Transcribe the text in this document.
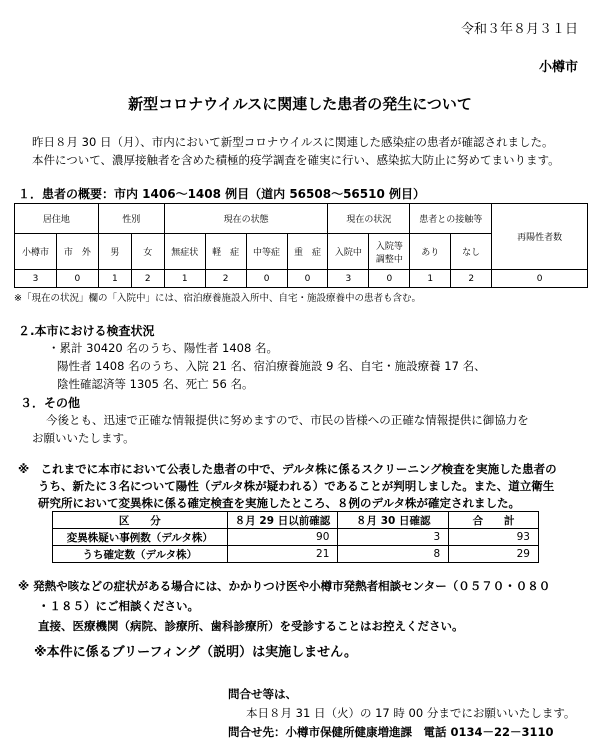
令和３年８月３１日
小樽市
新型コロナウイルスに関連した患者の発生について
昨日８月 30 日（月）、市内において新型コロナウイルスに関連した感染症の患者が確認されました。
本件について、濃厚接触者を含めた積極的疫学調査を確実に行い、感染拡大防止に努めてまいります。
１．患者の概要：市内 1406～1408 例目（道内 56508～56510 例目）
居住地		性別		現在の状態				現在の状況		患者との接触等		再陽性者数
小樽市	市　外	男	女	無症状	軽　症	中等症	重　症	入院中	入院等
調整中	あり	なし	
3	0	1	2	1	2	0	0	3	0	1	2	0
※「現在の状況」欄の「入院中」には、宿泊療養施設入所中、自宅・施設療養中の患者も含む。
２.本市における検査状況
・累計 30420 名のうち、陽性者 1408 名。
陽性者 1408 名のうち、入院 21 名、宿泊療養施設 9 名、自宅・施設療養 17 名、
陰性確認済等 1305 名、死亡 56 名。
３．その他
今後とも、迅速で正確な情報提供に努めますので、市民の皆様への正確な情報提供に御協力を
お願いいたします。
※　これまでに本市において公表した患者の中で、デルタ株に係るスクリーニング検査を実施した患者の
うち、新たに３名について陽性（デルタ株が疑われる）であることが判明しました。また、道立衛生
研究所において変異株に係る確定検査を実施したところ、８例のデルタ株が確定されました。
区　　分	８月 29 日以前確認	８月 30 日確認	合　　計
変異株疑い事例数（デルタ株）	90	3	93
うち確定数（デルタ株）	21	8	29
※ 発熱や咳などの症状がある場合には、かかりつけ医や小樽市発熱者相談センター（０５７０・０８０
・１８５）にご相談ください。
直接、医療機関（病院、診療所、歯科診療所）を受診することはお控えください。
※本件に係るブリーフィング（説明）は実施しません。
問合せ等は、
本日８月 31 日（火）の 17 時 00 分までにお願いいたします。
問合せ先：小樽市保健所健康増進課　電話 0134－22－3110
